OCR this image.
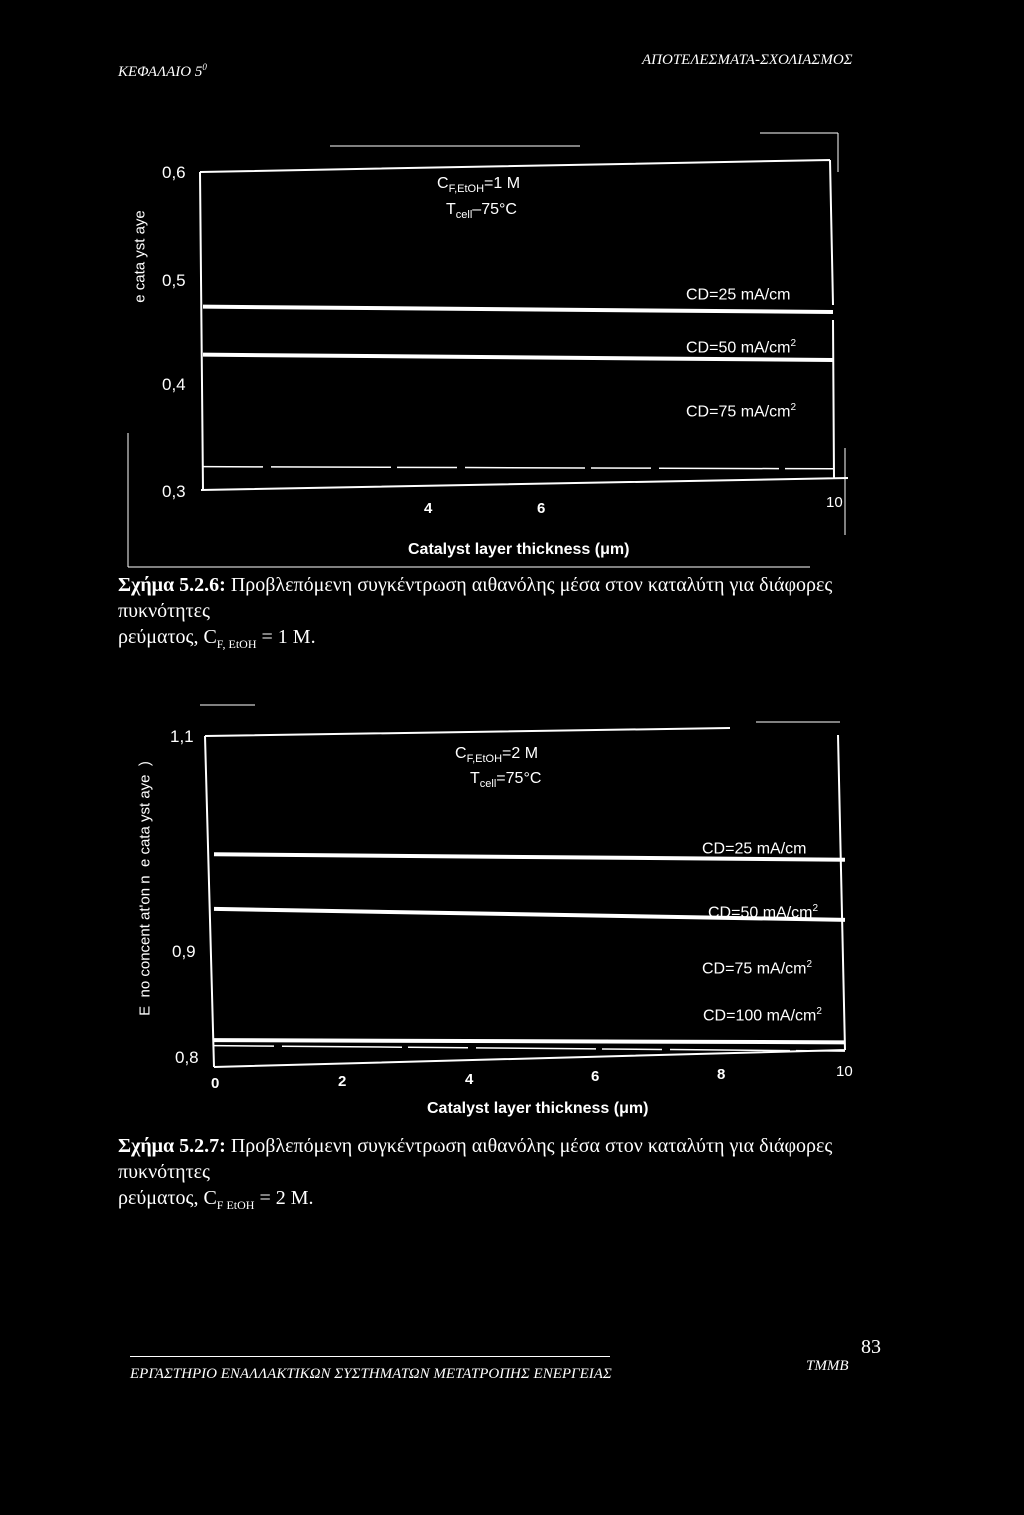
ΚΕΦΑΛΑΙΟ $5^0$	ΑΠΟΤΕΛΕΣΜΑΤΑ-ΣΧΟΛΙΑΣΜΟΣ
e cata yst aye
0,6
0,5
0,4
0,3
4	6	10
Catalyst layer thickness (μm)
$C_{F,EtOH}=1$ M
$T_{cell}-75^\circ C$
CD=25 mA/cm
CD=50 $mA/cm^2$
CD=75 $mA/cm^2$
Σχήμα 5.2.6: Προβλεπόμενη συγκέντρωση αιθανόλης μέσα στον καταλύτη για διάφορες πυκνότητες
ρεύματος, $C_{F, EtOH} = 1$ M.
E  no concent at'on n  e cata yst aye  )
1,1
0,9
0,8
0	2	4	6	8	10
Catalyst layer thickness (μm)
$C_{F,EtOH}=2$ M
$T_{cell}=75^\circ C$
CD=25 mA/cm
CD=50 $mA/cm^2$
CD=75 $mA/cm^2$
CD=100 $mA/cm^2$
Σχήμα 5.2.7: Προβλεπόμενη συγκέντρωση αιθανόλης μέσα στον καταλύτη για διάφορες πυκνότητες
ρεύματος, $C_{F EtOH} = 2$ M.
ΕΡΓΑΣΤΗΡΙΟ ΕΝΑΛΛΑΚΤΙΚΩΝ ΣΥΣΤΗΜΑΤΩΝ ΜΕΤΑΤΡΟΠΗΣ ΕΝΕΡΓΕΙΑΣ	ΤΜΜΒ
83
